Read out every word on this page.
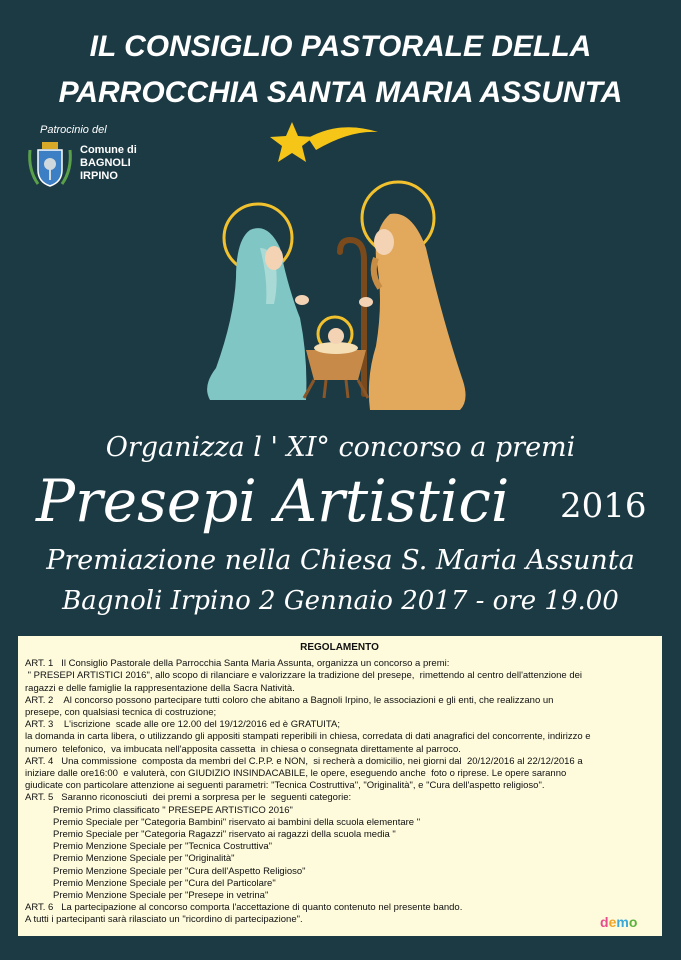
IL CONSIGLIO PASTORALE DELLA
PARROCCHIA SANTA MARIA ASSUNTA
Patrocinio del
Comune di
BAGNOLI
IRPINO
Organizza l ' XI° concorso a premi
Presepi Artistici 2016
Premiazione nella Chiesa S. Maria Assunta
Bagnoli Irpino 2 Gennaio 2017 - ore 19.00
REGOLAMENTO
ART. 1   Il Consiglio Pastorale della Parrocchia Santa Maria Assunta, organizza un concorso a premi:
" PRESEPI ARTISTICI 2016", allo scopo di rilanciare e valorizzare la tradizione del presepe,  rimettendo al centro dell'attenzione dei
ragazzi e delle famiglie la rappresentazione della Sacra Natività.
ART. 2    Al concorso possono partecipare tutti coloro che abitano a Bagnoli Irpino, le associazioni e gli enti, che realizzano un
presepe, con qualsiasi tecnica di costruzione;
ART. 3    L'iscrizione  scade alle ore 12.00 del 19/12/2016 ed è GRATUITA;
la domanda in carta libera, o utilizzando gli appositi stampati reperibili in chiesa, corredata di dati anagrafici del concorrente, indirizzo e
numero  telefonico,  va imbucata nell'apposita cassetta  in chiesa o consegnata direttamente al parroco.
ART. 4   Una commissione  composta da membri del C.P.P. e NON,  si recherà a domicilio, nei giorni dal  20/12/2016 al 22/12/2016 a
iniziare dalle ore16:00  e valuterà, con GIUDIZIO INSINDACABILE, le opere, eseguendo anche  foto o riprese. Le opere saranno
giudicate con particolare attenzione ai seguenti parametri: "Tecnica Costruttiva", "Originalità", e "Cura dell'aspetto religioso".
ART. 5   Saranno riconosciuti  dei premi a sorpresa per le  seguenti categorie:
Premio Primo classificato " PRESEPE ARTISTICO 2016"
Premio Speciale per "Categoria Bambini" riservato ai bambini della scuola elementare "
Premio Speciale per "Categoria Ragazzi" riservato ai ragazzi della scuola media "
Premio Menzione Speciale per "Tecnica Costruttiva"
Premio Menzione Speciale per "Originalità"
Premio Menzione Speciale per "Cura dell'Aspetto Religioso"
Premio Menzione Speciale per "Cura del Particolare"
Premio Menzione Speciale per "Presepe in vetrina"
ART. 6   La partecipazione al concorso comporta l'accettazione di quanto contenuto nel presente bando.
A tutti i partecipanti sarà rilasciato un "ricordino di partecipazione".	demo
